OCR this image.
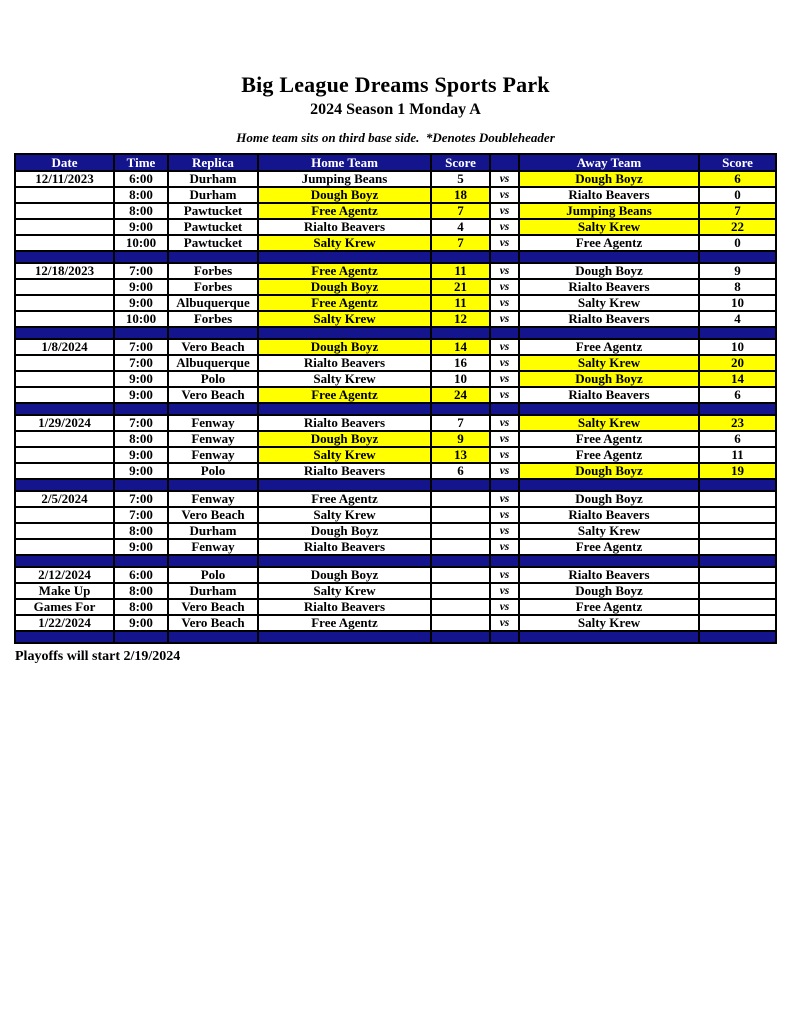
Big League Dreams Sports Park
2024 Season 1 Monday A
Home team sits on third base side.  *Denotes Doubleheader
Date	Time	Replica	Home Team	Score		Away Team	Score
12/11/2023	6:00	Durham	Jumping Beans	5	vs	Dough Boyz	6
	8:00	Durham	Dough Boyz	18	vs	Rialto Beavers	0
	8:00	Pawtucket	Free Agentz	7	vs	Jumping Beans	7
	9:00	Pawtucket	Rialto Beavers	4	vs	Salty Krew	22
	10:00	Pawtucket	Salty Krew	7	vs	Free Agentz	0

12/18/2023	7:00	Forbes	Free Agentz	11	vs	Dough Boyz	9
	9:00	Forbes	Dough Boyz	21	vs	Rialto Beavers	8
	9:00	Albuquerque	Free Agentz	11	vs	Salty Krew	10
	10:00	Forbes	Salty Krew	12	vs	Rialto Beavers	4

1/8/2024	7:00	Vero Beach	Dough Boyz	14	vs	Free Agentz	10
	7:00	Albuquerque	Rialto Beavers	16	vs	Salty Krew	20
	9:00	Polo	Salty Krew	10	vs	Dough Boyz	14
	9:00	Vero Beach	Free Agentz	24	vs	Rialto Beavers	6

1/29/2024	7:00	Fenway	Rialto Beavers	7	vs	Salty Krew	23
	8:00	Fenway	Dough Boyz	9	vs	Free Agentz	6
	9:00	Fenway	Salty Krew	13	vs	Free Agentz	11
	9:00	Polo	Rialto Beavers	6	vs	Dough Boyz	19

2/5/2024	7:00	Fenway	Free Agentz		vs	Dough Boyz	
	7:00	Vero Beach	Salty Krew		vs	Rialto Beavers	
	8:00	Durham	Dough Boyz		vs	Salty Krew	
	9:00	Fenway	Rialto Beavers		vs	Free Agentz	

2/12/2024	6:00	Polo	Dough Boyz		vs	Rialto Beavers	
Make Up	8:00	Durham	Salty Krew		vs	Dough Boyz	
Games For	8:00	Vero Beach	Rialto Beavers		vs	Free Agentz	
1/22/2024	9:00	Vero Beach	Free Agentz		vs	Salty Krew	

Playoffs will start 2/19/2024
